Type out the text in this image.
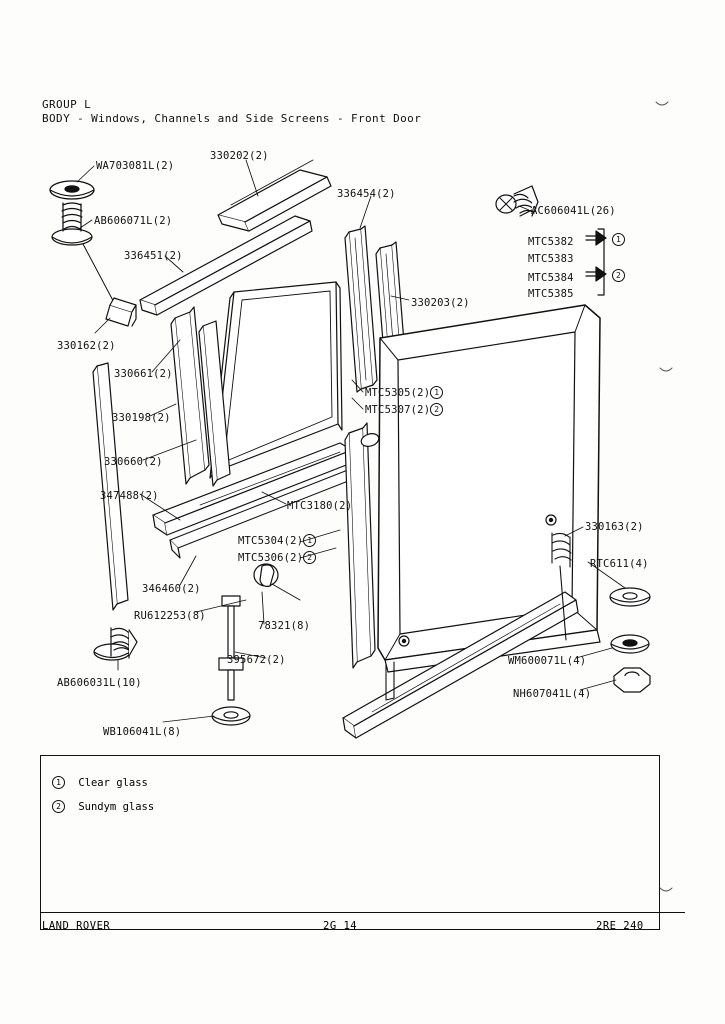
GROUP L
BODY - Windows, Channels and Side Screens - Front Door
WA703081L(2)
330202(2)
336454(2)
AB606071L(2)
AC606041L(26)
336451(2)
MTC5382
MTC5383
MTC5384
MTC5385
330203(2)
330162(2)
330661(2)
330198(2)
330660(2)
347488(2)
MTC3180(2)
346460(2)
RU612253(8)
78321(8)
395672(2)
AB606031L(10)
WB106041L(8)
330163(2)
RTC611(4)
WM600071L(4)
NH607041L(4)
MTC5305(2) 1
MTC5307(2) 2
MTC5304(2) 1
MTC5306(2) 2
1
2
1 Clear glass
2 Sundym glass
LAND ROVER	2G 14	2RE 240
